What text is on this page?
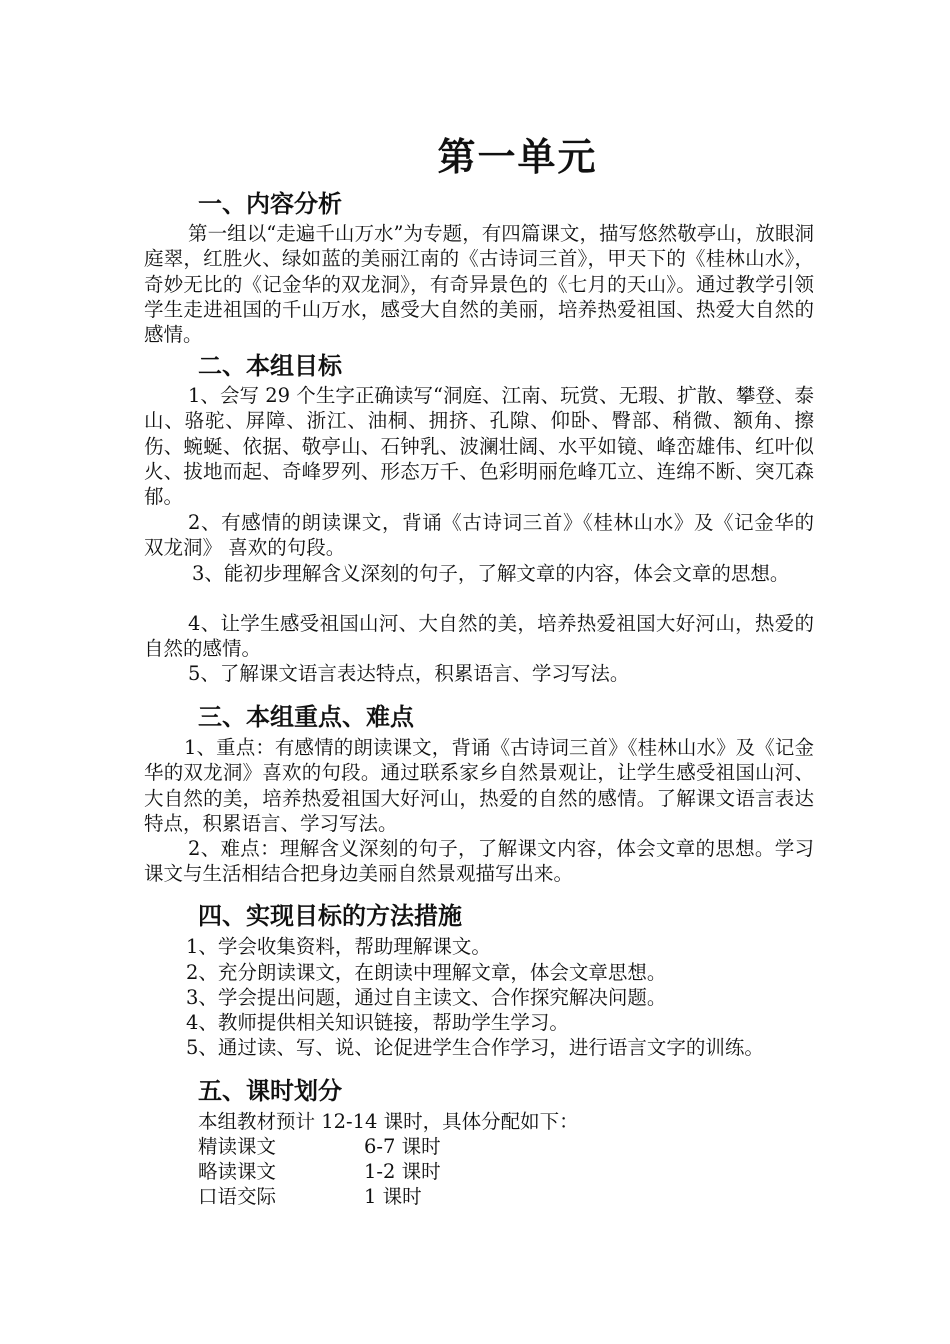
第一单元
一、内容分析
第一组以“走遍千山万水”为专题，有四篇课文，描写悠然敬亭山，放眼洞庭翠，红胜火、绿如蓝的美丽江南的《古诗词三首》，甲天下的《桂林山水》，奇妙无比的《记金华的双龙洞》，有奇异景色的《七月的天山》。通过教学引领学生走进祖国的千山万水，感受大自然的美丽，培养热爱祖国、热爱大自然的感情。
二、本组目标
1、会写 29 个生字正确读写“洞庭、江南、玩赏、无瑕、扩散、攀登、泰山、骆驼、屏障、浙江、油桐、拥挤、孔隙、仰卧、臀部、稍微、额角、擦伤、蜿蜒、依据、敬亭山、石钟乳、波澜壮阔、水平如镜、峰峦雄伟、红叶似火、拔地而起、奇峰罗列、形态万千、色彩明丽危峰兀立、连绵不断、突兀森郁。
2、有感情的朗读课文，背诵《古诗词三首》《桂林山水》及《记金华的双龙洞》 喜欢的句段。
3、能初步理解含义深刻的句子，了解文章的内容，体会文章的思想。
4、让学生感受祖国山河、大自然的美，培养热爱祖国大好河山，热爱的自然的感情。
5、了解课文语言表达特点，积累语言、学习写法。
三、本组重点、难点
1、重点：有感情的朗读课文，背诵《古诗词三首》《桂林山水》及《记金华的双龙洞》喜欢的句段。通过联系家乡自然景观让，让学生感受祖国山河、大自然的美，培养热爱祖国大好河山，热爱的自然的感情。了解课文语言表达特点，积累语言、学习写法。
2、难点：理解含义深刻的句子，了解课文内容，体会文章的思想。学习课文与生活相结合把身边美丽自然景观描写出来。
四、实现目标的方法措施
1、学会收集资料，帮助理解课文。
2、充分朗读课文，在朗读中理解文章，体会文章思想。
3、学会提出问题，通过自主读文、合作探究解决问题。
4、教师提供相关知识链接，帮助学生学习。
5、通过读、写、说、论促进学生合作学习，进行语言文字的训练。
五、课时划分
本组教材预计 12-14 课时，具体分配如下：
精读课文	6-7 课时
略读课文	1-2 课时
口语交际	1 课时
